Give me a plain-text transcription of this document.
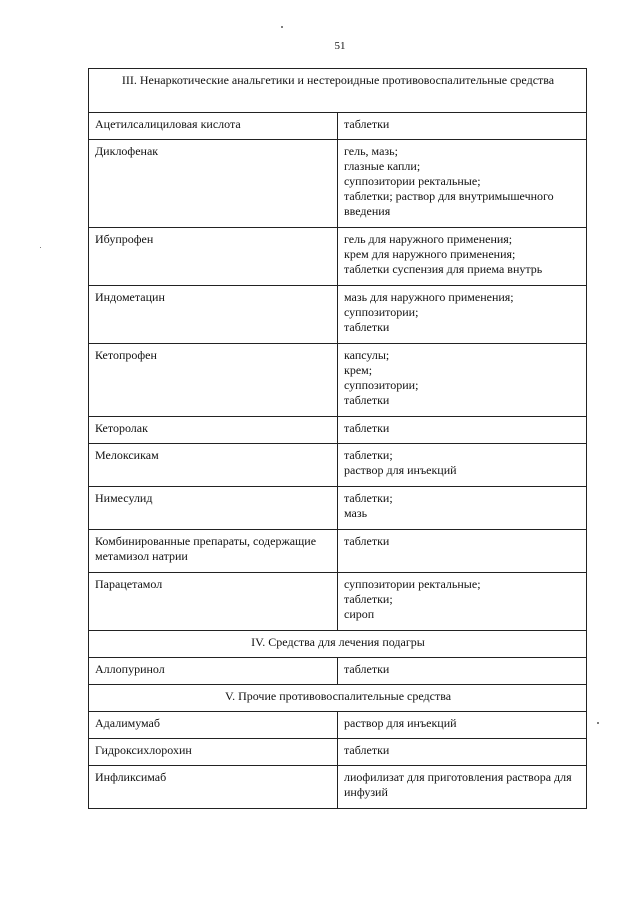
51
III. Ненаркотические анальгетики и нестероидные противовоспалительные средства	
Ацетилсалициловая кислота	таблетки

Диклофенак	гель, мазь;
глазные капли;
суппозитории ректальные;
таблетки; раствор для внутримышечного введения

Ибупрофен	гель для наружного применения;
крем для наружного применения;
таблетки суспензия для приема внутрь

Индометацин	мазь для наружного применения;
суппозитории;
таблетки

Кетопрофен	капсулы;
крем;
суппозитории;
таблетки

Кеторолак	таблетки

Мелоксикам	таблетки;
раствор для инъекций

Нимесулид	таблетки;
мазь

Комбинированные препараты, содержащие метамизол натрии	таблетки

Парацетамол	суппозитории ректальные;
таблетки;
сироп

IV. Средства для лечения подагры	
Аллопуринол	таблетки

V. Прочие противовоспалительные средства	
Адалимумаб	раствор для инъекций

Гидроксихлорохин	таблетки

Инфликсимаб	лиофилизат для приготовления раствора для инфузий
